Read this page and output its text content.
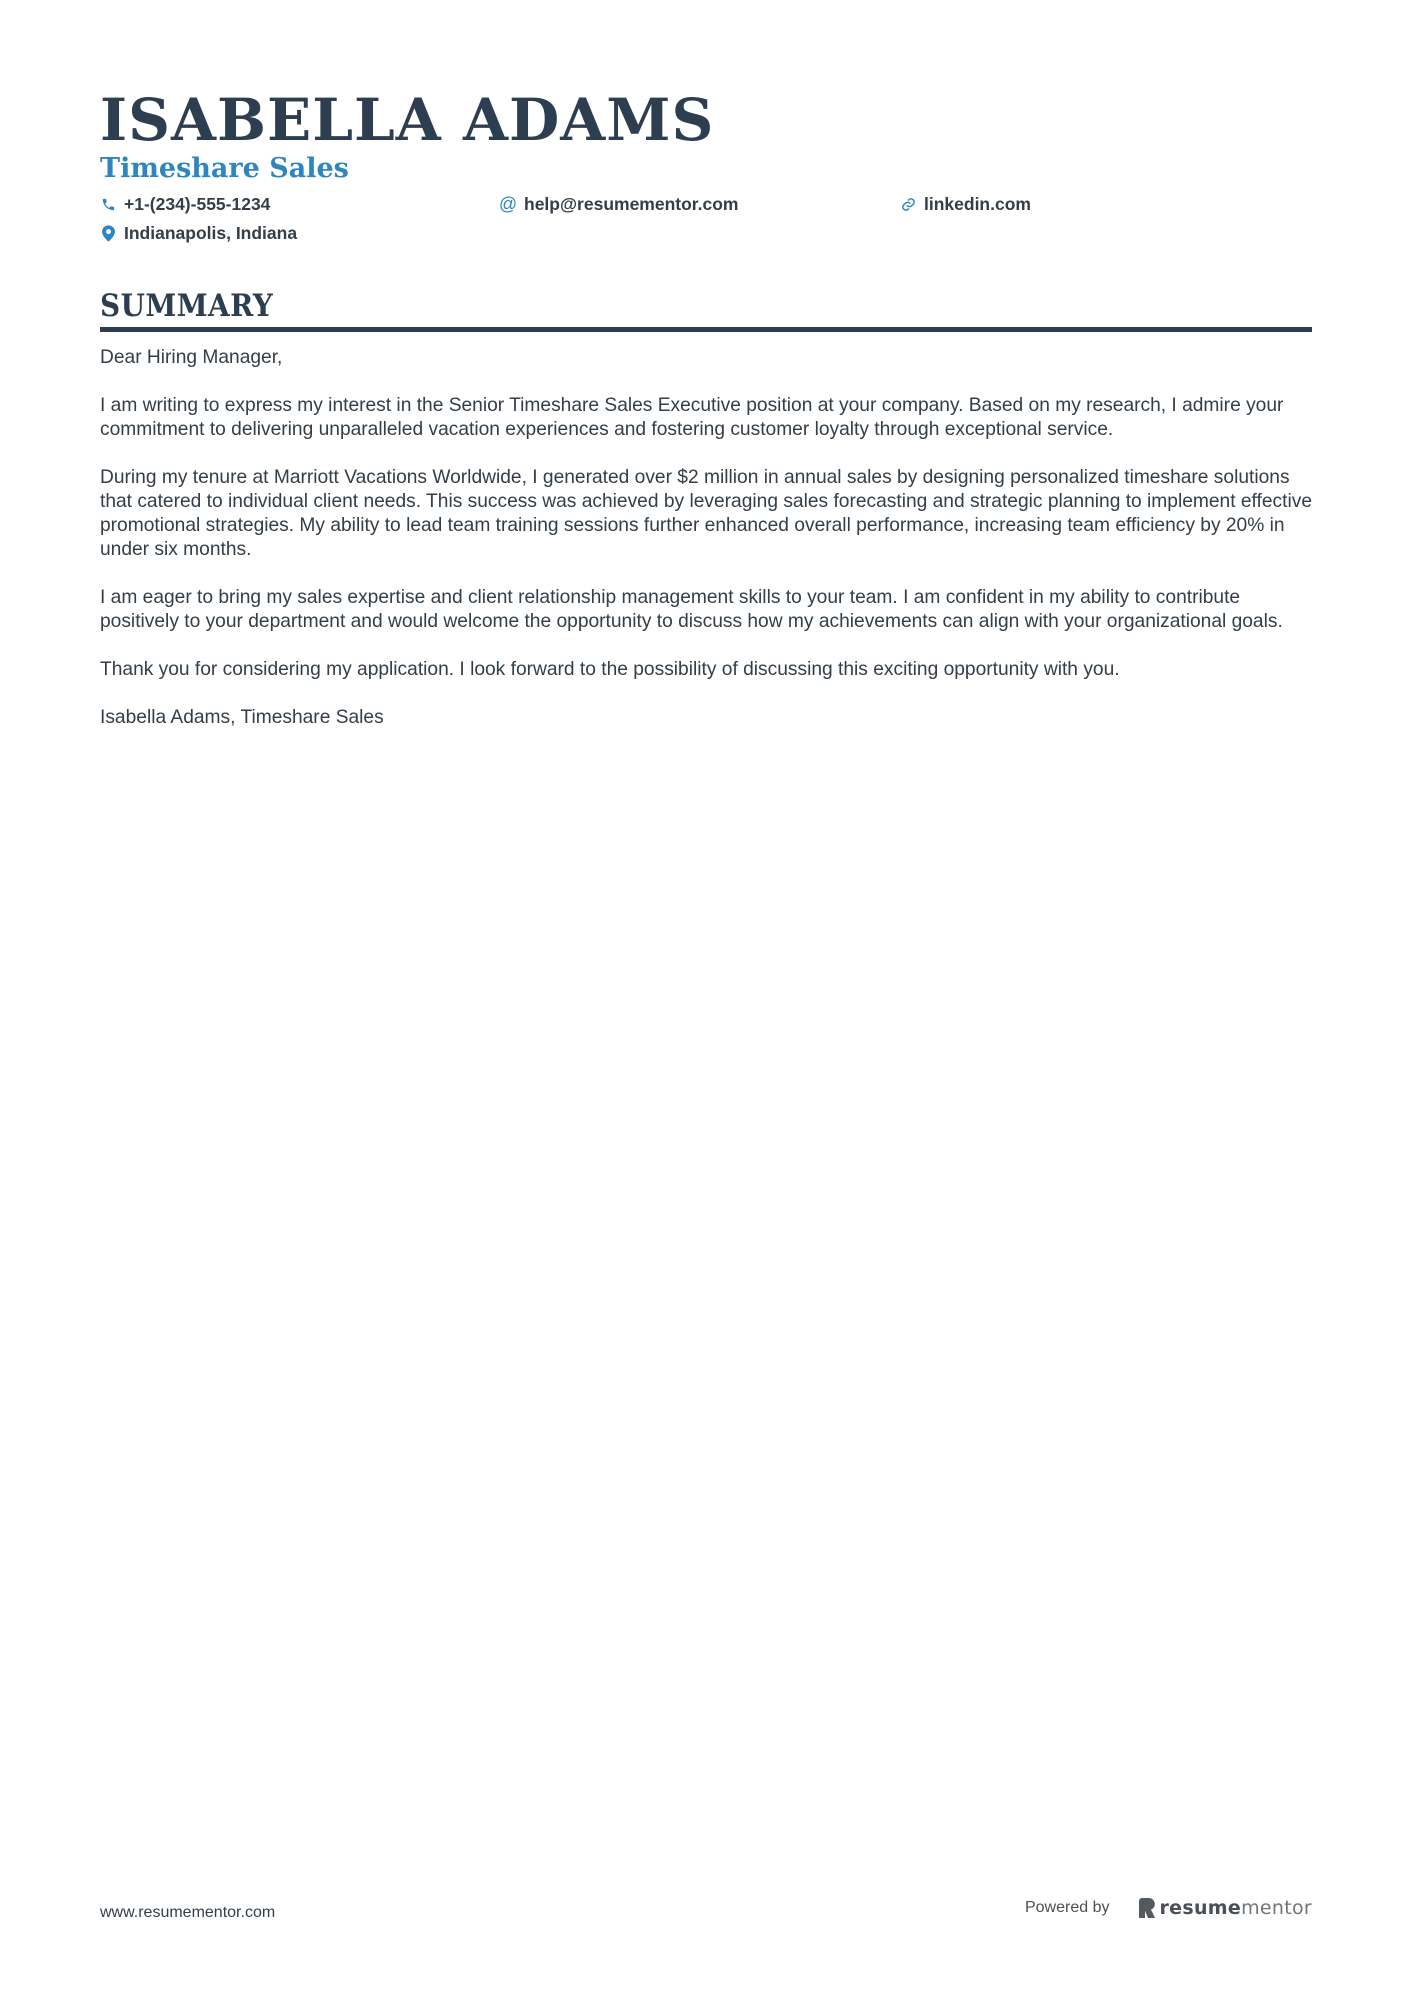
ISABELLA ADAMS
Timeshare Sales
+1-(234)-555-1234	@ help@resumementor.com	linkedin.com
Indianapolis, Indiana
SUMMARY

Dear Hiring Manager,

I am writing to express my interest in the Senior Timeshare Sales Executive position at your company. Based on my research, I admire your commitment to delivering unparalleled vacation experiences and fostering customer loyalty through exceptional service.

During my tenure at Marriott Vacations Worldwide, I generated over $2 million in annual sales by designing personalized timeshare solutions that catered to individual client needs. This success was achieved by leveraging sales forecasting and strategic planning to implement effective promotional strategies. My ability to lead team training sessions further enhanced overall performance, increasing team efficiency by 20% in under six months.

I am eager to bring my sales expertise and client relationship management skills to your team. I am confident in my ability to contribute positively to your department and would welcome the opportunity to discuss how my achievements can align with your organizational goals.

Thank you for considering my application. I look forward to the possibility of discussing this exciting opportunity with you.

Isabella Adams, Timeshare Sales

www.resumementor.com	Powered by	resume mentor
